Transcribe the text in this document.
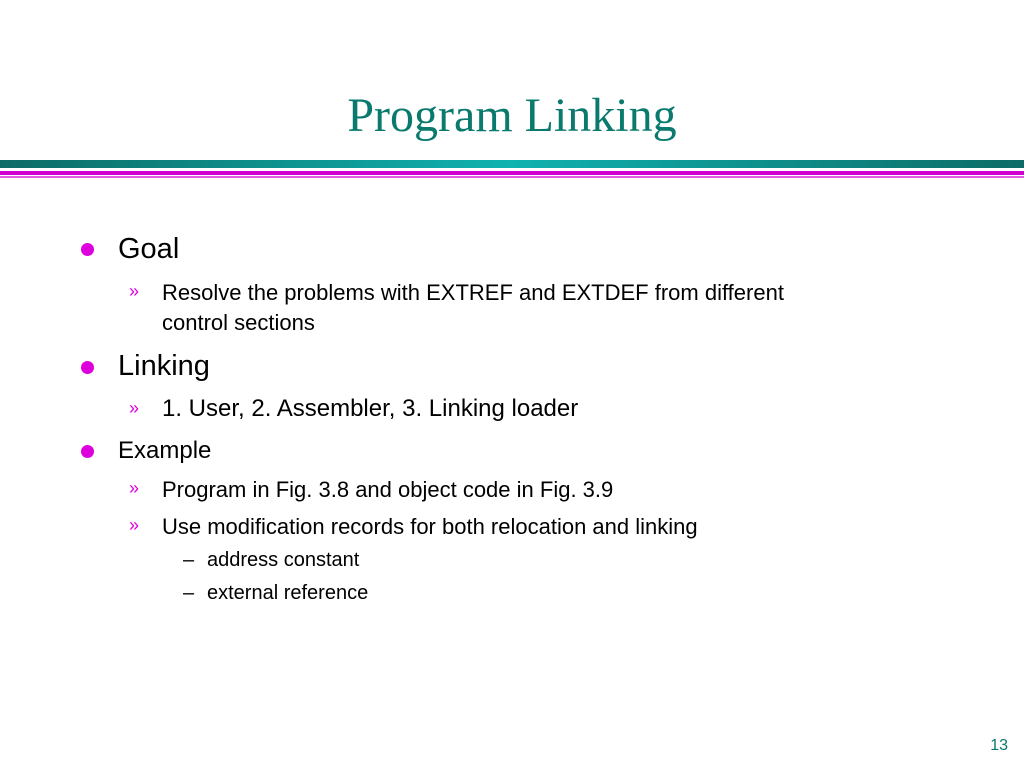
Program Linking
Goal
» Resolve the problems with EXTREF and EXTDEF from different
control sections
Linking
» 1. User, 2. Assembler, 3. Linking loader
Example
» Program in Fig. 3.8 and object code in Fig. 3.9
» Use modification records for both relocation and linking
– address constant
– external reference
13
